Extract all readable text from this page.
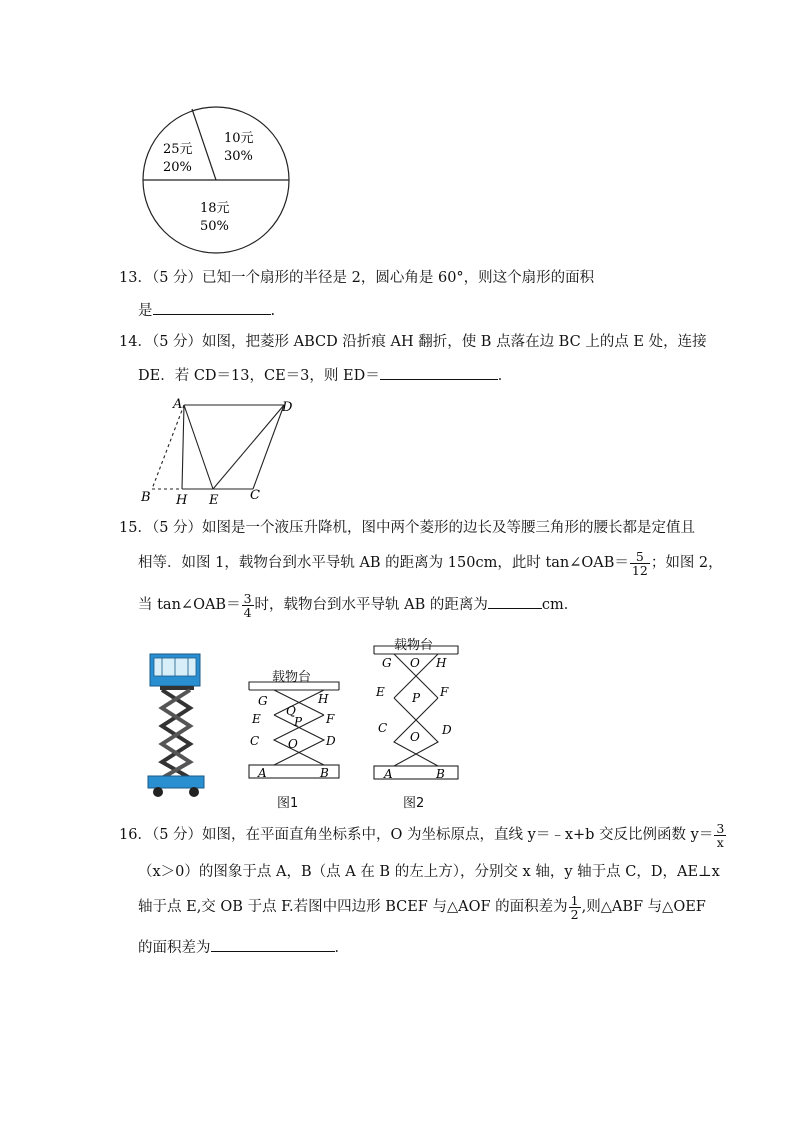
10元
30%
25元
20%
18元
50%
13．（5 分）已知一个扇形的半径是 2，圆心角是 60°，则这个扇形的面积
是	.
14．（5 分）如图，把菱形 ABCD 沿折痕 AH 翻折，使 B 点落在边 BC 上的点 E 处，连接
DE．若 CD＝13，CE＝3，则 ED＝	．
A	D
B H E C
15．（5 分）如图是一个液压升降机，图中两个菱形的边长及等腰三角形的腰长都是定值且
相等．如图 1，载物台到水平导轨 AB 的距离为 150cm，此时 tan∠OAB＝ $\frac{5}{12}$ ；如图 2，
当 tan∠OAB＝ $\frac{3}{4}$ 时，载物台到水平导轨 AB 的距离为	cm．
G	H
Q
E	P F
C O D
A	B
载物台
图1
G O H
E P F
C
O D
A	B
载物台
图2
16．（5 分）如图，在平面直角坐标系中，O 为坐标原点，直线 y＝﹣x+b 交反比例函数 $y= \frac{3}{x}$
（x＞0）的图象于点 A，B（点 A 在 B 的左上方），分别交 x 轴，y 轴于点 C，D，AE⊥x
轴于点 E,交 OB 于点 F.若图中四边形 BCEF 与△AOF 的面积差为 $\frac{1}{2}$ ,则△ABF 与△OEF
的面积差为	．
